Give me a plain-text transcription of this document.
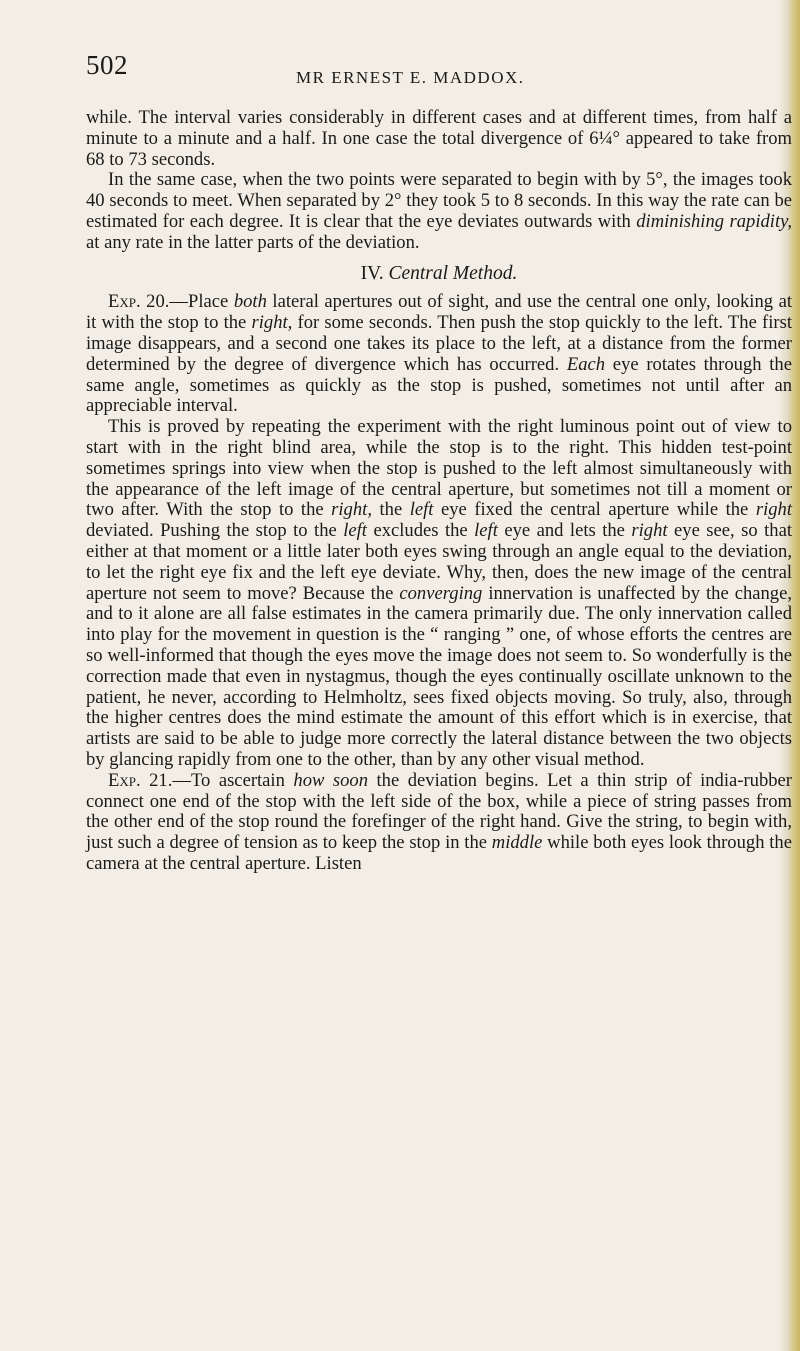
502	MR ERNEST E. MADDOX.

while. The interval varies considerably in different cases and at different times, from half a minute to a minute and a half. In one case the total divergence of 6¼° appeared to take from 68 to 73 seconds.

In the same case, when the two points were separated to begin with by 5°, the images took 40 seconds to meet. When separated by 2° they took 5 to 8 seconds. In this way the rate can be estimated for each degree. It is clear that the eye deviates outwards with diminishing rapidity, at any rate in the latter parts of the deviation.

IV. Central Method.

Exp. 20.—Place both lateral apertures out of sight, and use the central one only, looking at it with the stop to the right, for some seconds. Then push the stop quickly to the left. The first image disappears, and a second one takes its place to the left, at a distance from the former determined by the degree of divergence which has occurred. Each eye rotates through the same angle, sometimes as quickly as the stop is pushed, sometimes not until after an appreciable interval.

This is proved by repeating the experiment with the right luminous point out of view to start with in the right blind area, while the stop is to the right. This hidden test-point sometimes springs into view when the stop is pushed to the left almost simultaneously with the appearance of the left image of the central aperture, but sometimes not till a moment or two after. With the stop to the right, the left eye fixed the central aperture while the right deviated. Pushing the stop to the left excludes the left eye and lets the right eye see, so that either at that moment or a little later both eyes swing through an angle equal to the deviation, to let the right eye fix and the left eye deviate. Why, then, does the new image of the central aperture not seem to move? Because the converging innervation is unaffected by the change, and to it alone are all false estimates in the camera primarily due. The only innervation called into play for the movement in question is the “ ranging ” one, of whose efforts the centres are so well-informed that though the eyes move the image does not seem to. So wonderfully is the correction made that even in nystagmus, though the eyes continually oscillate unknown to the patient, he never, according to Helmholtz, sees fixed objects moving. So truly, also, through the higher centres does the mind estimate the amount of this effort which is in exercise, that artists are said to be able to judge more correctly the lateral distance between the two objects by glancing rapidly from one to the other, than by any other visual method.

Exp. 21.—To ascertain how soon the deviation begins. Let a thin strip of india-rubber connect one end of the stop with the left side of the box, while a piece of string passes from the other end of the stop round the forefinger of the right hand. Give the string, to begin with, just such a degree of tension as to keep the stop in the middle while both eyes look through the camera at the central aperture. Listen
